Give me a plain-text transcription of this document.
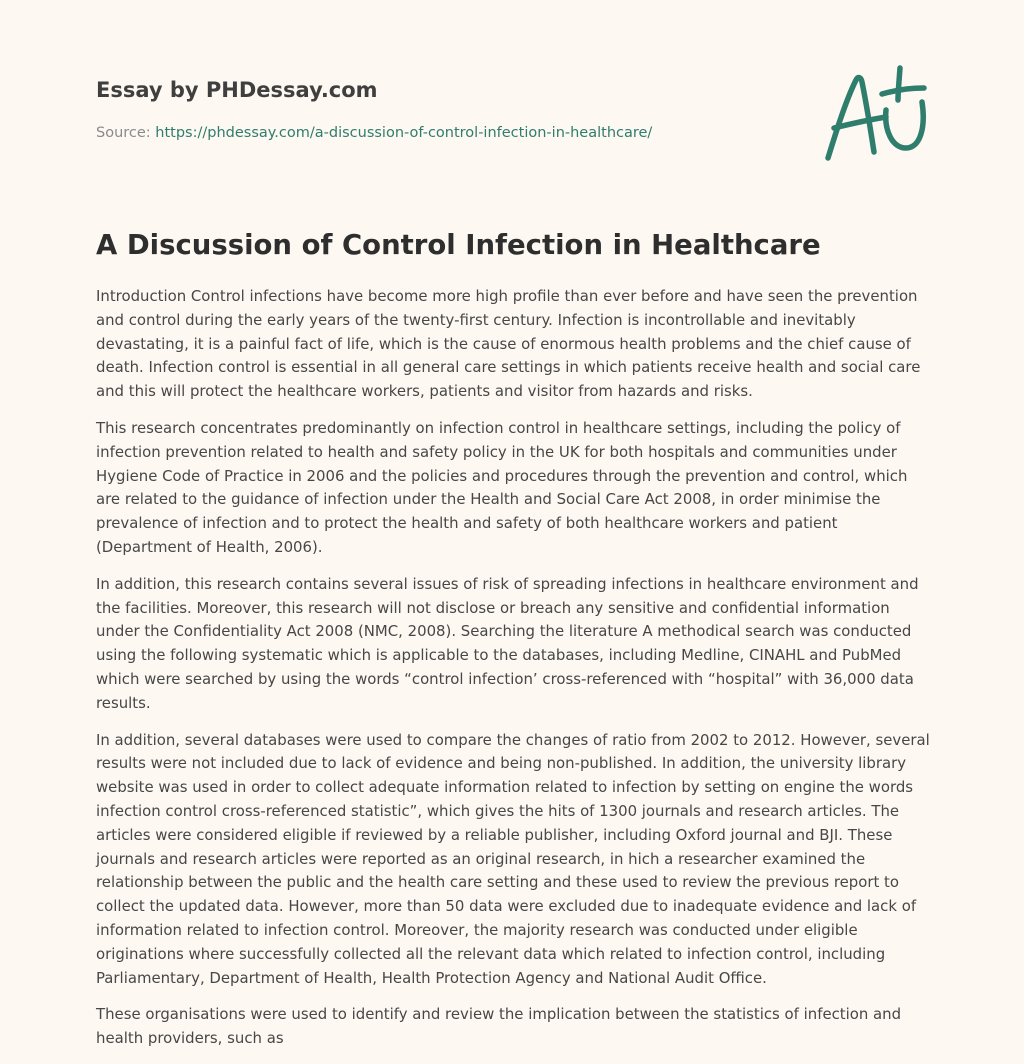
Essay by PHDessay.com
Source: https://phdessay.com/a-discussion-of-control-infection-in-healthcare/
A Discussion of Control Infection in Healthcare

Introduction Control infections have become more high profile than ever before and have seen the prevention and control during the early years of the twenty-first century. Infection is incontrollable and inevitably devastating, it is a painful fact of life, which is the cause of enormous health problems and the chief cause of death. Infection control is essential in all general care settings in which patients receive health and social care and this will protect the healthcare workers, patients and visitor from hazards and risks.

This research concentrates predominantly on infection control in healthcare settings, including the policy of infection prevention related to health and safety policy in the UK for both hospitals and communities under Hygiene Code of Practice in 2006 and the policies and procedures through the prevention and control, which are related to the guidance of infection under the Health and Social Care Act 2008, in order minimise the prevalence of infection and to protect the health and safety of both healthcare workers and patient (Department of Health, 2006).

In addition, this research contains several issues of risk of spreading infections in healthcare environment and the facilities. Moreover, this research will not disclose or breach any sensitive and confidential information under the Confidentiality Act 2008 (NMC, 2008). Searching the literature A methodical search was conducted using the following systematic which is applicable to the databases, including Medline, CINAHL and PubMed which were searched by using the words “control infection’ cross-referenced with “hospital” with 36,000 data results.

In addition, several databases were used to compare the changes of ratio from 2002 to 2012. However, several results were not included due to lack of evidence and being non-published. In addition, the university library website was used in order to collect adequate information related to infection by setting on engine the words infection control cross-referenced statistic”, which gives the hits of 1300 journals and research articles. The articles were considered eligible if reviewed by a reliable publisher, including Oxford journal and BJI. These journals and research articles were reported as an original research, in hich a researcher examined the relationship between the public and the health care setting and these used to review the previous report to collect the updated data. However, more than 50 data were excluded due to inadequate evidence and lack of information related to infection control. Moreover, the majority research was conducted under eligible originations where successfully collected all the relevant data which related to infection control, including Parliamentary, Department of Health, Health Protection Agency and National Audit Office.

These organisations were used to identify and review the implication between the statistics of infection and health providers, such as
